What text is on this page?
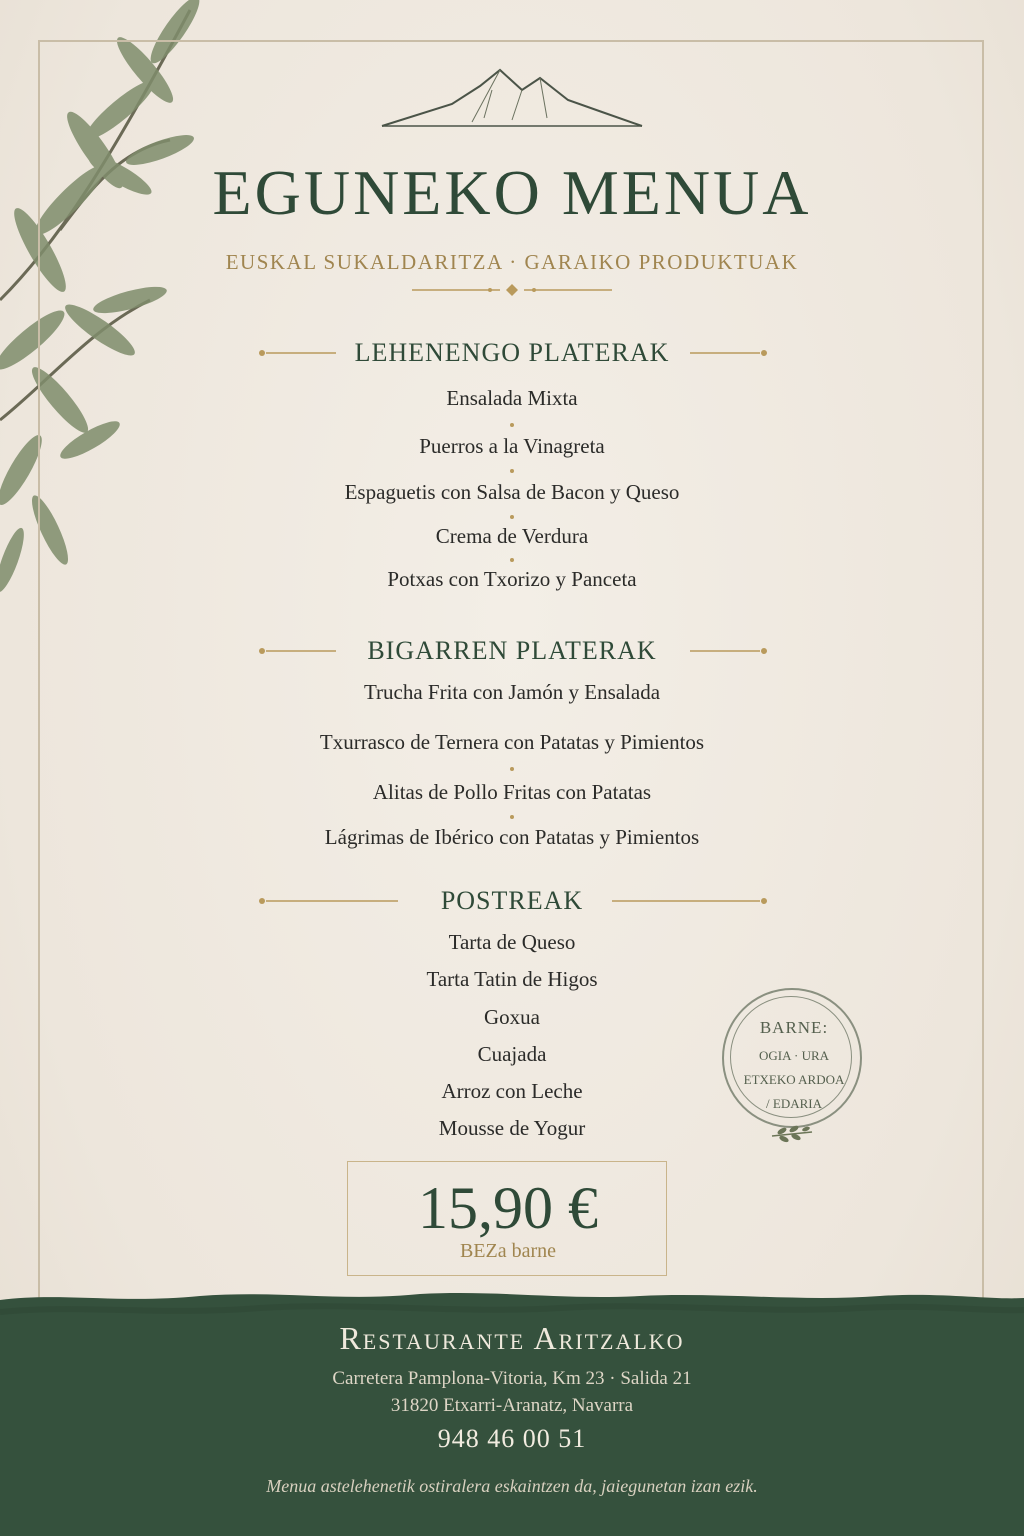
EGUNEKO MENUA
EUSKAL SUKALDARITZA · GARAIKO PRODUKTUAK
LEHENENGO PLATERAK
Ensalada Mixta
Puerros a la Vinagreta
Espaguetis con Salsa de Bacon y Queso
Crema de Verdura
Potxas con Txorizo y Panceta
BIGARREN PLATERAK
Trucha Frita con Jamón y Ensalada
Txurrasco de Ternera con Patatas y Pimientos
Alitas de Pollo Fritas con Patatas
Lágrimas de Ibérico con Patatas y Pimientos
POSTREAK
Tarta de Queso
Tarta Tatin de Higos
Goxua
Cuajada
Arroz con Leche
Mousse de Yogur
BARNE:
OGIA · URA
ETXEKO ARDOA
/ EDARIA
15,90 €
BEZa barne
Restaurante Aritzalko
Carretera Pamplona-Vitoria, Km 23 · Salida 21
31820 Etxarri-Aranatz, Navarra
948 46 00 51
Menua astelehenetik ostiralera eskaintzen da, jaiegunetan izan ezik.
